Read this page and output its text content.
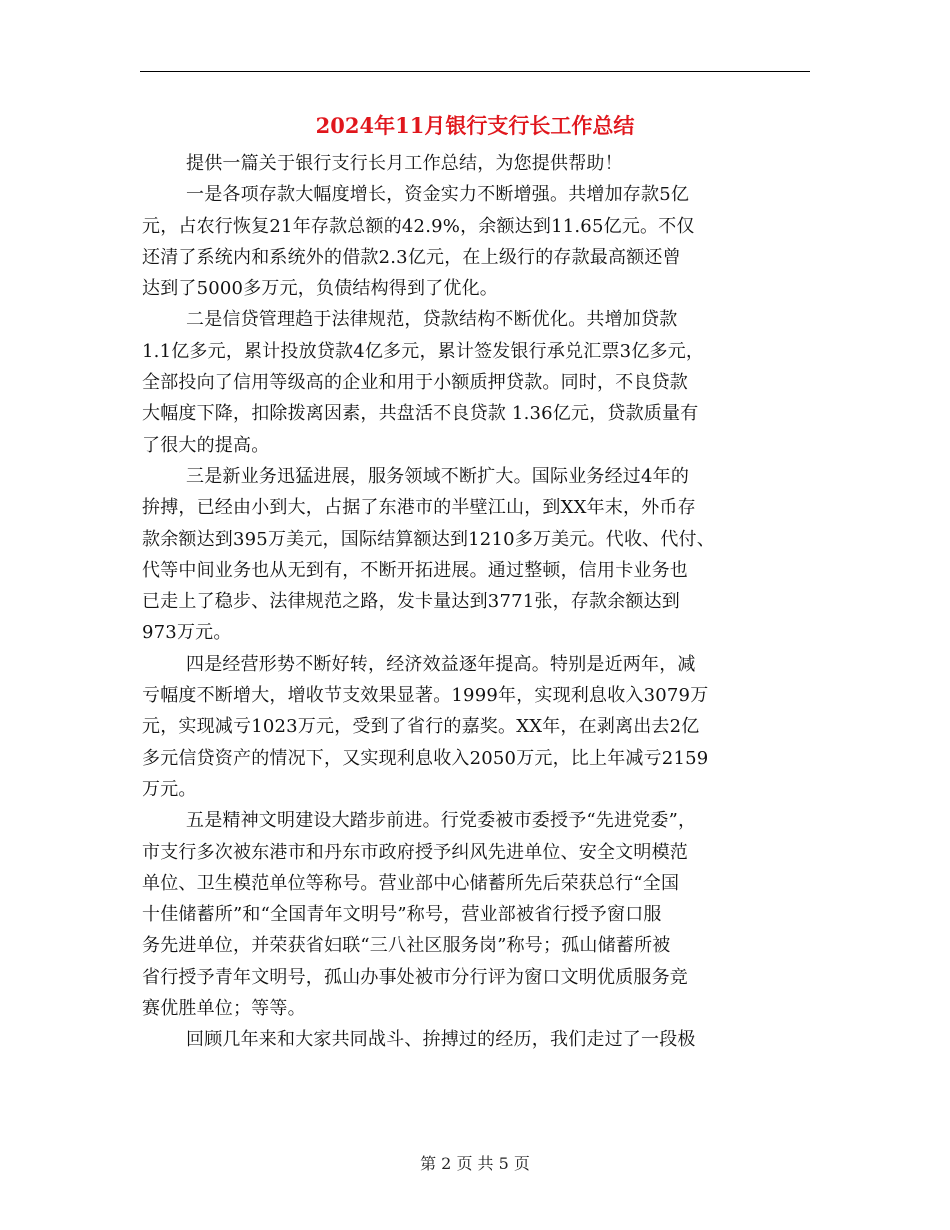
2024年11月银行支行长工作总结
提供一篇关于银行支行长月工作总结，为您提供帮助！
一是各项存款大幅度增长，资金实力不断增强。共增加存款5亿
元，占农行恢复21年存款总额的42.9%，余额达到11.65亿元。不仅
还清了系统内和系统外的借款2.3亿元，在上级行的存款最高额还曾
达到了5000多万元，负债结构得到了优化。
二是信贷管理趋于法律规范，贷款结构不断优化。共增加贷款
1.1亿多元，累计投放贷款4亿多元，累计签发银行承兑汇票3亿多元，
全部投向了信用等级高的企业和用于小额质押贷款。同时，不良贷款
大幅度下降，扣除拨离因素，共盘活不良贷款 1.36亿元，贷款质量有
了很大的提高。
三是新业务迅猛进展，服务领域不断扩大。国际业务经过4年的
拚搏，已经由小到大，占据了东港市的半壁江山，到XX年末，外币存
款余额达到395万美元，国际结算额达到1210多万美元。代收、代付、
代等中间业务也从无到有，不断开拓进展。通过整顿，信用卡业务也
已走上了稳步、法律规范之路，发卡量达到3771张，存款余额达到
973万元。
四是经营形势不断好转，经济效益逐年提高。特别是近两年，减
亏幅度不断增大，增收节支效果显著。1999年，实现利息收入3079万
元，实现减亏1023万元，受到了省行的嘉奖。XX年，在剥离出去2亿
多元信贷资产的情况下，又实现利息收入2050万元，比上年减亏2159
万元。
五是精神文明建设大踏步前进。行党委被市委授予“先进党委”，
市支行多次被东港市和丹东市政府授予纠风先进单位、安全文明模范
单位、卫生模范单位等称号。营业部中心储蓄所先后荣获总行“全国
十佳储蓄所”和“全国青年文明号”称号，营业部被省行授予窗口服
务先进单位，并荣获省妇联“三八社区服务岗”称号；孤山储蓄所被
省行授予青年文明号，孤山办事处被市分行评为窗口文明优质服务竞
赛优胜单位；等等。
回顾几年来和大家共同战斗、拚搏过的经历，我们走过了一段极
第 2 页 共 5 页
